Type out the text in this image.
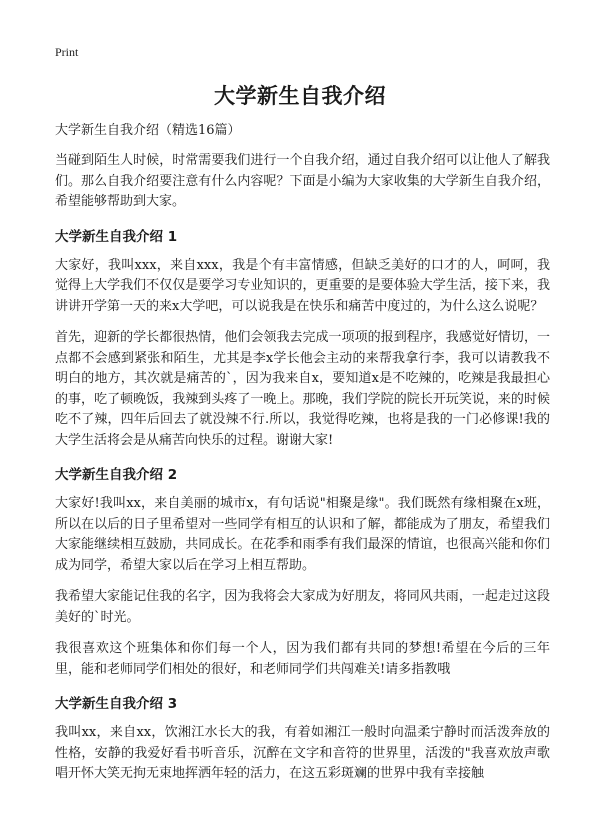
Print
大学新生自我介绍

大学新生自我介绍（精选16篇）

当碰到陌生人时候，时常需要我们进行一个自我介绍，通过自我介绍可以让他人了解我们。那么自我介绍要注意有什么内容呢？下面是小编为大家收集的大学新生自我介绍，希望能够帮助到大家。

大学新生自我介绍 1

大家好，我叫xxx，来自xxx，我是个有丰富情感，但缺乏美好的口才的人，呵呵，我觉得上大学我们不仅仅是要学习专业知识的，更重要的是要体验大学生活，接下来，我讲讲开学第一天的来x大学吧，可以说我是在快乐和痛苦中度过的，为什么这么说呢？

首先，迎新的学长都很热情，他们会领我去完成一项项的报到程序，我感觉好情切，一点都不会感到紧张和陌生，尤其是李x学长他会主动的来帮我拿行李，我可以请教我不明白的地方，其次就是痛苦的`，因为我来自x，要知道x是不吃辣的，吃辣是我最担心的事，吃了顿晚饭，我辣到头疼了一晚上。那晚，我们学院的院长开玩笑说，来的时候吃不了辣，四年后回去了就没辣不行.所以，我觉得吃辣，也将是我的一门必修课!我的大学生活将会是从痛苦向快乐的过程。谢谢大家!

大学新生自我介绍 2

大家好!我叫xx，来自美丽的城市x，有句话说"相聚是缘"。我们既然有缘相聚在x班，所以在以后的日子里希望对一些同学有相互的认识和了解，都能成为了朋友，希望我们大家能继续相互鼓励，共同成长。在花季和雨季有我们最深的情谊，也很高兴能和你们成为同学，希望大家以后在学习上相互帮助。

我希望大家能记住我的名字，因为我将会大家成为好朋友，将同风共雨，一起走过这段美好的`时光。

我很喜欢这个班集体和你们每一个人，因为我们都有共同的梦想!希望在今后的三年里，能和老师同学们相处的很好，和老师同学们共闯难关!请多指教哦

大学新生自我介绍 3

我叫xx，来自xx，饮湘江水长大的我，有着如湘江一般时向温柔宁静时而活泼奔放的性格，安静的我爱好看书听音乐，沉醉在文字和音符的世界里，活泼的"我喜欢放声歌唱开怀大笑无拘无束地挥洒年轻的活力，在这五彩斑斓的世界中我有幸接触
